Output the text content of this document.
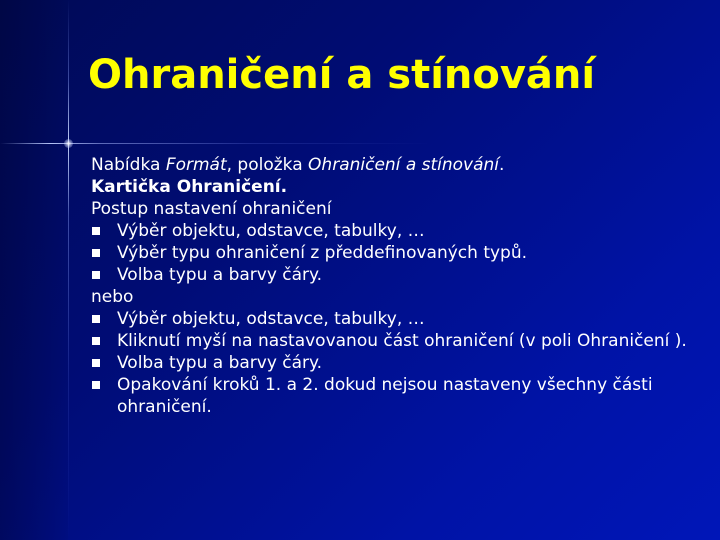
Ohraničení a stínování

Nabídka Formát, položka Ohraničení a stínování.

Kartička Ohraničení.

Postup nastavení ohraničení

Výběr objektu, odstavce, tabulky, …
Výběr typu ohraničení z předdefinovaných typů.
Volba typu a barvy čáry.

nebo

Výběr objektu, odstavce, tabulky, …
Kliknutí myší na nastavovanou část ohraničení (v poli Ohraničení ).
Volba typu a barvy čáry.
Opakování kroků 1. a 2. dokud nejsou nastaveny všechny části ohraničení.
